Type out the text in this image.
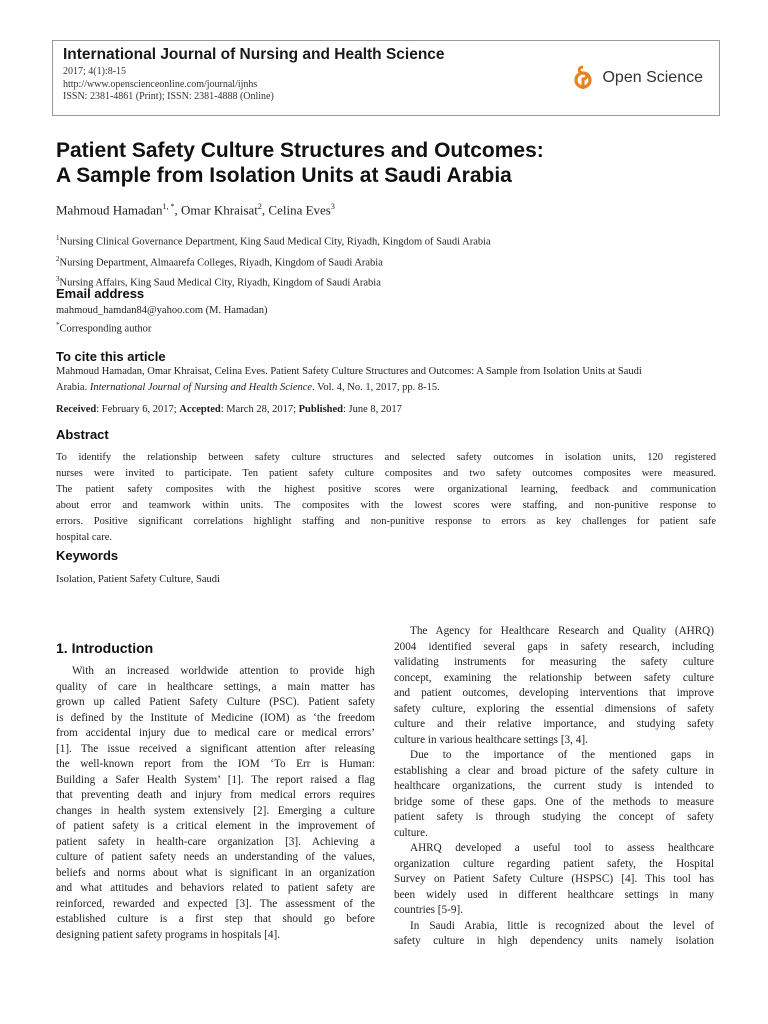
International Journal of Nursing and Health Science
2017; 4(1):8-15
http://www.openscienceonline.com/journal/ijnhs
ISSN: 2381-4861 (Print); ISSN: 2381-4888 (Online)
Open Science
Patient Safety Culture Structures and Outcomes:
A Sample from Isolation Units at Saudi Arabia
Mahmoud Hamadan$^{1, *}$, Omar Khraisat$^2$, Celina Eves$^3$
$^1$Nursing Clinical Governance Department, King Saud Medical City, Riyadh, Kingdom of Saudi Arabia
$^2$Nursing Department, Almaarefa Colleges, Riyadh, Kingdom of Saudi Arabia
$^3$Nursing Affairs, King Saud Medical City, Riyadh, Kingdom of Saudi Arabia
Email address
mahmoud_hamdan84@yahoo.com (M. Hamadan)
*Corresponding author
To cite this article
Mahmoud Hamadan, Omar Khraisat, Celina Eves. Patient Safety Culture Structures and Outcomes: A Sample from Isolation Units at Saudi
Arabia. International Journal of Nursing and Health Science. Vol. 4, No. 1, 2017, pp. 8-15.
Received: February 6, 2017; Accepted: March 28, 2017; Published: June 8, 2017
Abstract
To identify the relationship between safety culture structures and selected safety outcomes in isolation units, 120 registered
nurses were invited to participate. Ten patient safety culture composites and two safety outcomes composites were measured.
The patient safety composites with the highest positive scores were organizational learning, feedback and communication
about error and teamwork within units. The composites with the lowest scores were staffing, and non-punitive response to
errors. Positive significant correlations highlight staffing and non-punitive response to errors as key challenges for patient safe
hospital care.
Keywords
Isolation, Patient Safety Culture, Saudi
1. Introduction
With an increased worldwide attention to provide high
quality of care in healthcare settings, a main matter has
grown up called Patient Safety Culture (PSC). Patient safety
is defined by the Institute of Medicine (IOM) as ‘the freedom
from accidental injury due to medical care or medical errors’
[1]. The issue received a significant attention after releasing
the well-known report from the IOM ‘To Err is Human:
Building a Safer Health System’ [1]. The report raised a flag
that preventing death and injury from medical errors requires
changes in health system extensively [2]. Emerging a culture
of patient safety is a critical element in the improvement of
patient safety in health-care organization [3]. Achieving a
culture of patient safety needs an understanding of the values,
beliefs and norms about what is significant in an organization
and what attitudes and behaviors related to patient safety are
reinforced, rewarded and expected [3]. The assessment of the
established culture is a first step that should go before
designing patient safety programs in hospitals [4].
The Agency for Healthcare Research and Quality (AHRQ)
2004 identified several gaps in safety research, including
validating instruments for measuring the safety culture
concept, examining the relationship between safety culture
and patient outcomes, developing interventions that improve
safety culture, exploring the essential dimensions of safety
culture and their relative importance, and studying safety
culture in various healthcare settings [3, 4].
Due to the importance of the mentioned gaps in
establishing a clear and broad picture of the safety culture in
healthcare organizations, the current study is intended to
bridge some of these gaps. One of the methods to measure
patient safety is through studying the concept of safety
culture.
AHRQ developed a useful tool to assess healthcare
organization culture regarding patient safety, the Hospital
Survey on Patient Safety Culture (HSPSC) [4]. This tool has
been widely used in different healthcare settings in many
countries [5-9].
In Saudi Arabia, little is recognized about the level of
safety culture in high dependency units namely isolation
